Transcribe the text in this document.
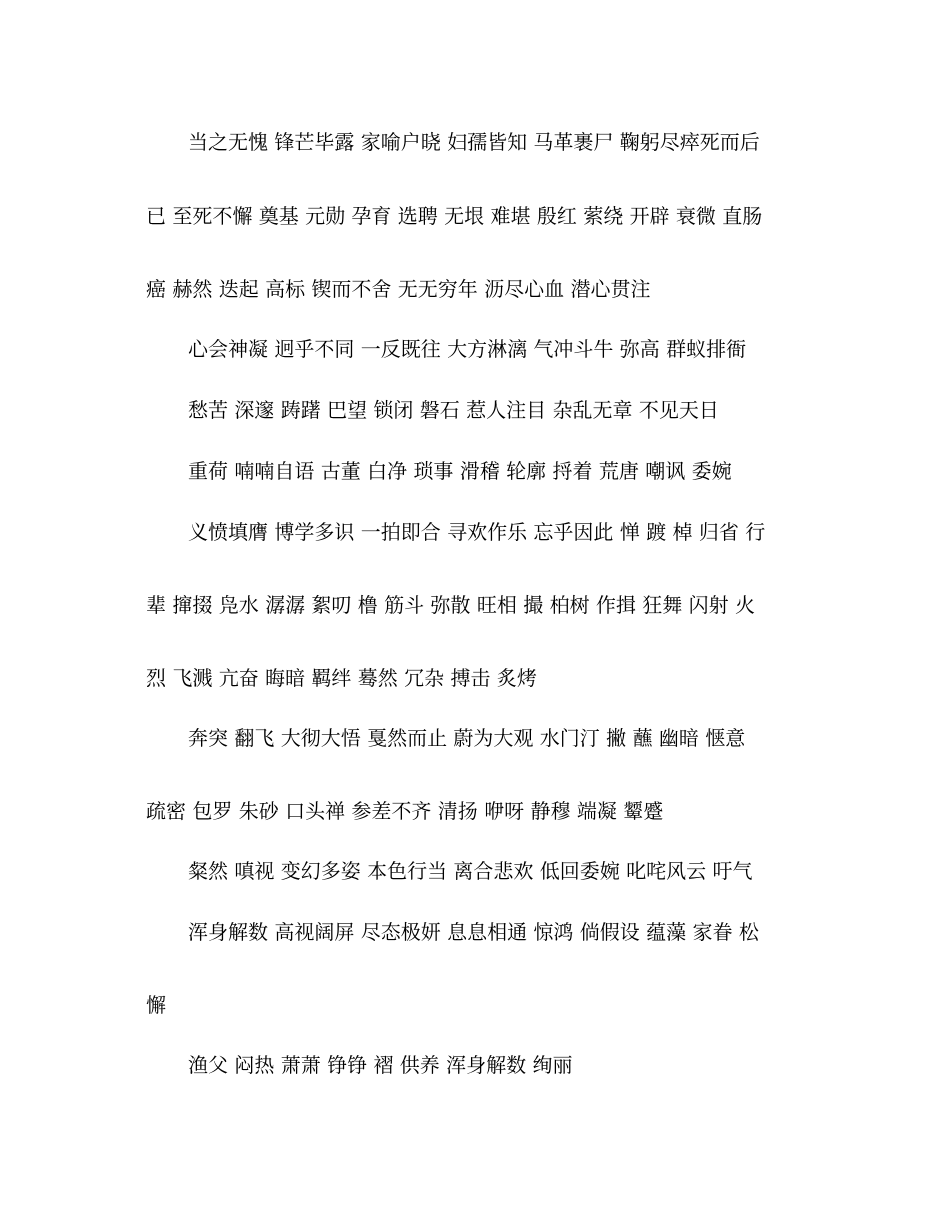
当之无愧 锋芒毕露 家喻户晓 妇孺皆知 马革裹尸 鞠躬尽瘁死而后
已 至死不懈 奠基 元勋 孕育 选聘 无垠 难堪 殷红 萦绕 开辟 衰微 直肠
癌 赫然 迭起 高标 锲而不舍 无无穷年 沥尽心血 潜心贯注
心会神凝 迥乎不同 一反既往 大方淋漓 气冲斗牛 弥高 群蚁排衙
愁苦 深邃 踌躇 巴望 锁闭 磐石 惹人注目 杂乱无章 不见天日
重荷 喃喃自语 古董 白净 琐事 滑稽 轮廓 捋着 荒唐 嘲讽 委婉
义愤填膺 博学多识 一拍即合 寻欢作乐 忘乎因此 惮 踱 棹 归省 行
辈 撺掇 凫水 潺潺 絮叨 橹 筋斗 弥散 旺相 撮 柏树 作揖 狂舞 闪射 火
烈 飞溅 亢奋 晦暗 羁绊 蓦然 冗杂 搏击 炙烤
奔突 翻飞 大彻大悟 戛然而止 蔚为大观 水门汀 撇 蘸 幽暗 惬意
疏密 包罗 朱砂 口头禅 参差不齐 清扬 咿呀 静穆 端凝 颦蹙
粲然 嗔视 变幻多姿 本色行当 离合悲欢 低回委婉 叱咤风云 吁气
浑身解数 高视阔屏 尽态极妍 息息相通 惊鸿 倘假设 蕴藻 家眷 松
懈
渔父 闷热 萧萧 铮铮 褶 供养 浑身解数 绚丽
